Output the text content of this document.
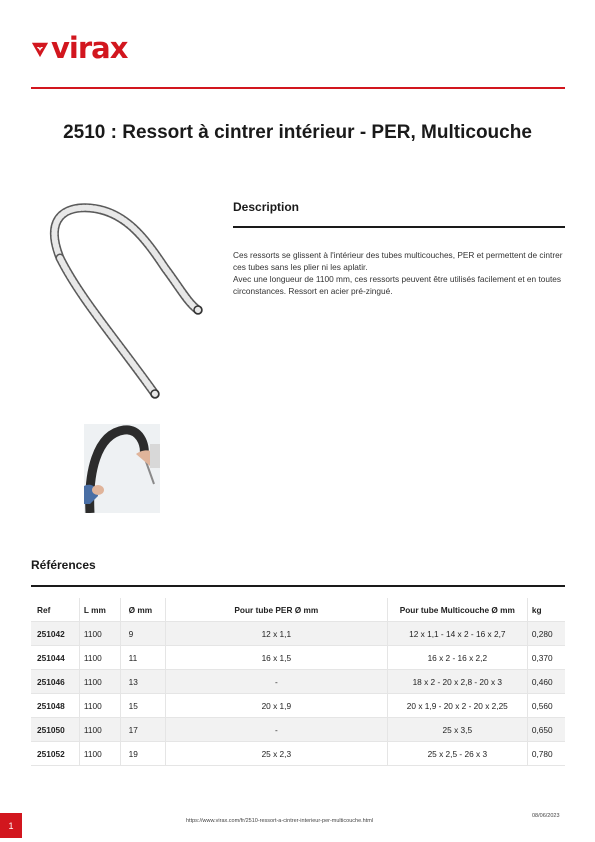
virax
2510 : Ressort à cintrer intérieur - PER, Multicouche
Description

Ces ressorts se glissent à l'intérieur des tubes multicouches, PER et permettent de cintrer ces tubes sans les plier ni les aplatir.

Avec une longueur de 1100 mm, ces ressorts peuvent être utilisés facilement et en toutes circonstances. Ressort en acier pré-zingué.

Références
Ref	L mm	Ø mm	Pour tube PER Ø mm	Pour tube Multicouche Ø mm	kg
251042	1100	9	12 x 1,1	12 x 1,1 - 14 x 2 - 16 x 2,7	0,280
251044	1100	11	16 x 1,5	16 x 2 - 16 x 2,2	0,370
251046	1100	13	-	18 x 2 - 20 x 2,8 - 20 x 3	0,460
251048	1100	15	20 x 1,9	20 x 1,9 - 20 x 2 - 20 x 2,25	0,560
251050	1100	17	-	25 x 3,5	0,650
251052	1100	19	25 x 2,3	25 x 2,5 - 26 x 3	0,780
1	https://www.virax.com/fr/2510-ressort-a-cintrer-interieur-per-multicouche.html
08/06/2023
